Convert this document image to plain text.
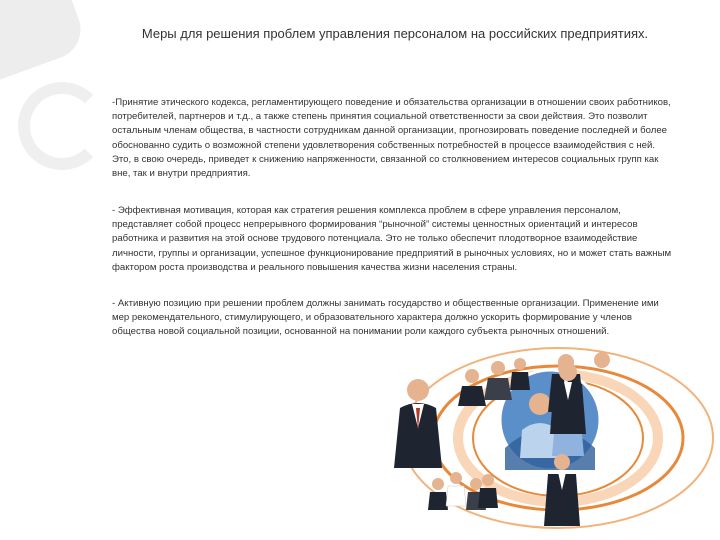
Меры для решения проблем управления персоналом на российских предприятиях.
-Принятие этического кодекса, регламентирующего поведение и обязательства организации в отношении своих работников, потребителей, партнеров и т.д., а также степень принятия социальной ответственности за свои действия. Это позволит остальным членам общества, в частности сотрудникам данной организации, прогнозировать поведение последней и более обоснованно судить о возможной степени удовлетворения собственных потребностей в процессе взаимодействия с ней. Это, в свою очередь, приведет к снижению напряженности, связанной со столкновением интересов социальных групп как вне, так и внутри предприятия.
- Эффективная мотивация, которая как стратегия решения комплекса проблем в сфере управления персоналом, представляет собой процесс непрерывного формирования “рыночной” системы ценностных ориентаций и интересов работника и развития на этой основе трудового потенциала. Это не только обеспечит плодотворное взаимодействие личности, группы и организации, успешное функционирование предприятий в рыночных условиях, но и может стать важным фактором роста производства и реального повышения качества жизни населения страны.
- Активную позицию при решении проблем должны занимать государство и общественные организации. Применение ими мер рекомендательного, стимулирующего, и образовательного характера должно ускорить формирование у членов общества новой социальной позиции, основанной на понимании роли каждого субъекта рыночных отношений.
